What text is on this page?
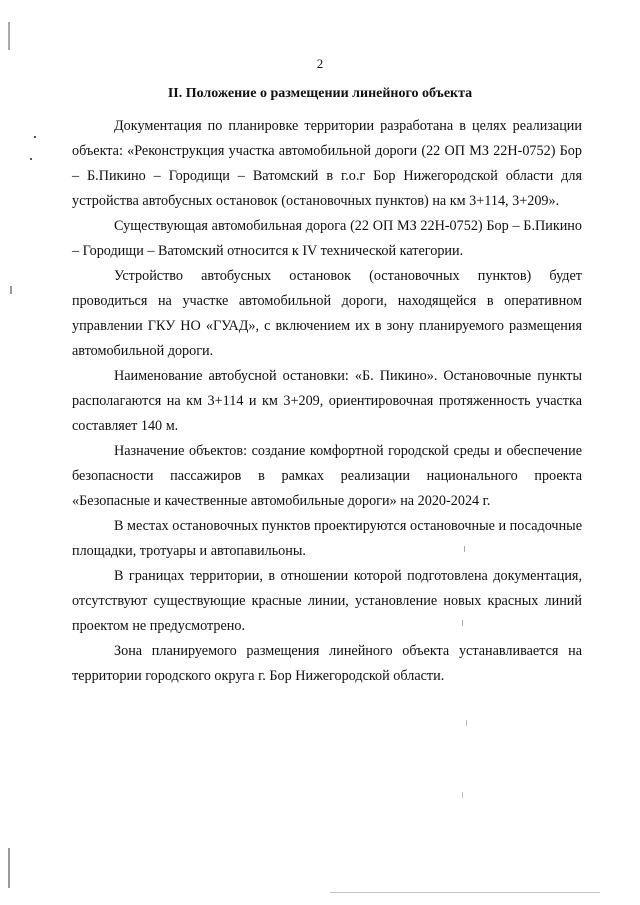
2
II. Положение о размещении линейного объекта

Документация по планировке территории разработана в целях реализации
объекта: «Реконструкция участка автомобильной дороги (22 ОП МЗ 22Н-0752) Бор
– Б.Пикино – Городищи – Ватомский в г.о.г Бор Нижегородской области для
устройства автобусных остановок (остановочных пунктов) на км 3+114, 3+209».

Существующая автомобильная дорога (22 ОП МЗ 22Н-0752) Бор – Б.Пикино
– Городищи – Ватомский относится к IV технической категории.

Устройство автобусных остановок (остановочных пунктов) будет
проводиться на участке автомобильной дороги, находящейся в оперативном
управлении ГКУ НО «ГУАД», с включением их в зону планируемого размещения
автомобильной дороги.

Наименование автобусной остановки: «Б. Пикино». Остановочные пункты
располагаются на км 3+114 и км 3+209, ориентировочная протяженность участка
составляет 140 м.

Назначение объектов: создание комфортной городской среды и обеспечение
безопасности пассажиров в рамках реализации национального проекта
«Безопасные и качественные автомобильные дороги» на 2020-2024 г.

В местах остановочных пунктов проектируются остановочные и посадочные
площадки, тротуары и автопавильоны.

В границах территории, в отношении которой подготовлена документация,
отсутствуют существующие красные линии, установление новых красных линий
проектом не предусмотрено.

Зона планируемого размещения линейного объекта устанавливается на
территории городского округа г. Бор Нижегородской области.
